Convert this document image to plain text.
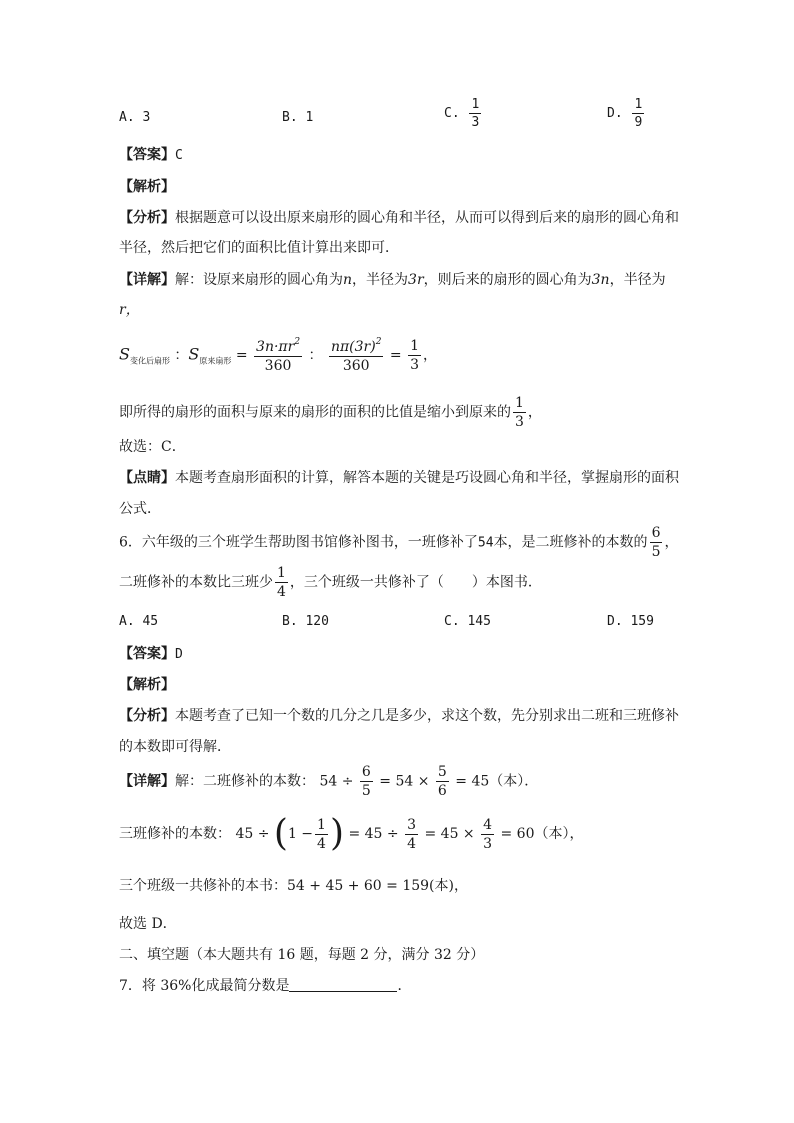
A. 3	B. 1	C. $\frac{1}{3}$	D. $\frac{1}{9}$
【答案】C
【解析】
【分析】根据题意可以设出原来扇形的圆心角和半径，从而可以得到后来的扇形的圆心角和
半径，然后把它们的面积比值计算出来即可．
【详解】解：设原来扇形的圆心角为n，半径为3r，则后来的扇形的圆心角为3n，半径为
r，
$S_{变化后扇形}$ ：$S_{原来扇形} = \frac{3n\cdot\pi r^2}{360}$ ： $\frac{n\pi(3r)^2}{360} = \frac{1}{3}$ ，
即所得的扇形的面积与原来的扇形的面积的比值是缩小到原来的 $\frac{1}{3}$ ，
故选：C．
【点睛】本题考查扇形面积的计算，解答本题的关键是巧设圆心角和半径，掌握扇形的面积
公式．
6．六年级的三个班学生帮助图书馆修补图书，一班修补了54本，是二班修补的本数的 $\frac{6}{5}$ ，
二班修补的本数比三班少 $\frac{1}{4}$ ，三个班级一共修补了（　　）本图书．
A. 45	B. 120	C. 145	D. 159
【答案】D
【解析】
【分析】本题考查了已知一个数的几分之几是多少，求这个数，先分别求出二班和三班修补
的本数即可得解．
【详解】解：二班修补的本数： $54 \div \frac{6}{5} = 54 \times \frac{5}{6} = 45$（本）．
三班修补的本数： $45 \div (1 - \frac{1}{4}$ ) = $45 \div \frac{3}{4} = 45 \times \frac{4}{3} = 60$（本），
三个班级一共修补的本书：54 + 45 + 60 = 159(本)，
故选 D．
二、填空题（本大题共有 16 题，每题 2 分，满分 32 分）
7．将 36%化成最简分数是	．
